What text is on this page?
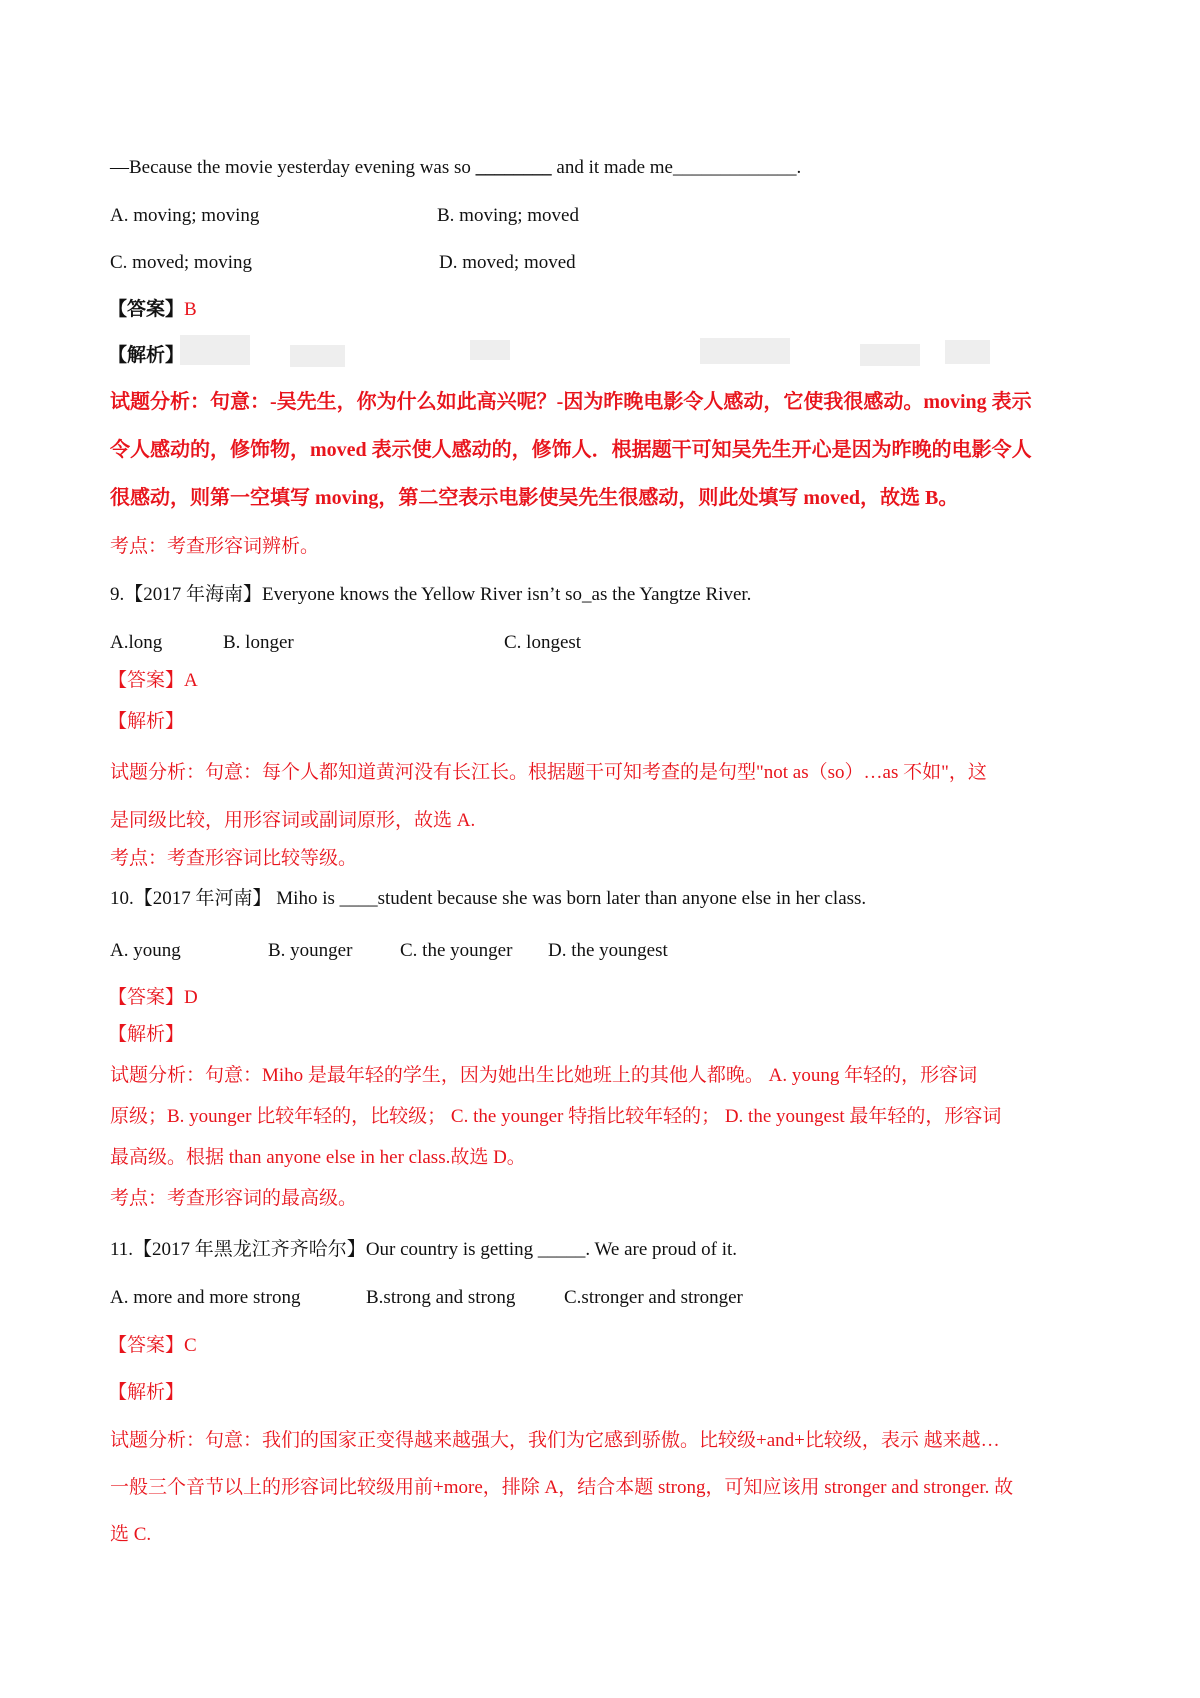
—Because the movie yesterday evening was so ________ and it made me_____________.
A. moving; moving	B. moving; moved
C. moved; moving	D. moved; moved
【答案】B
【解析】
试题分析：句意：-吴先生，你为什么如此高兴呢？-因为昨晚电影令人感动，它使我很感动。moving 表示
令人感动的，修饰物，moved 表示使人感动的，修饰人．根据题干可知吴先生开心是因为昨晚的电影令人
很感动，则第一空填写 moving，第二空表示电影使吴先生很感动，则此处填写 moved，故选 B。
考点：考查形容词辨析。
9.【2017 年海南】Everyone knows the Yellow River isn’t so_as the Yangtze River.
A.long	B. longer	C. longest
【答案】A
【解析】
试题分析：句意：每个人都知道黄河没有长江长。根据题干可知考查的是句型"not as（so）…as 不如"，这
是同级比较，用形容词或副词原形，故选 A.
考点：考查形容词比较等级。
10.【2017 年河南】 Miho is ____student because she was born later than anyone else in her class.
A. young	B. younger	C. the younger D. the youngest
【答案】D
【解析】
试题分析：句意：Miho 是最年轻的学生，因为她出生比她班上的其他人都晚。 A. young 年轻的，形容词
原级；B. younger 比较年轻的，比较级； C. the younger 特指比较年轻的； D. the youngest 最年轻的，形容词
最高级。根据 than anyone else in her class.故选 D。
考点：考查形容词的最高级。
11.【2017 年黑龙江齐齐哈尔】Our country is getting _____. We are proud of it.
A. more and more strong	B.strong and strong	C.stronger and stronger
【答案】C
【解析】
试题分析：句意：我们的国家正变得越来越强大，我们为它感到骄傲。比较级+and+比较级，表示 越来越…
一般三个音节以上的形容词比较级用前+more，排除 A，结合本题 strong，可知应该用 stronger and stronger. 故
选 C.
